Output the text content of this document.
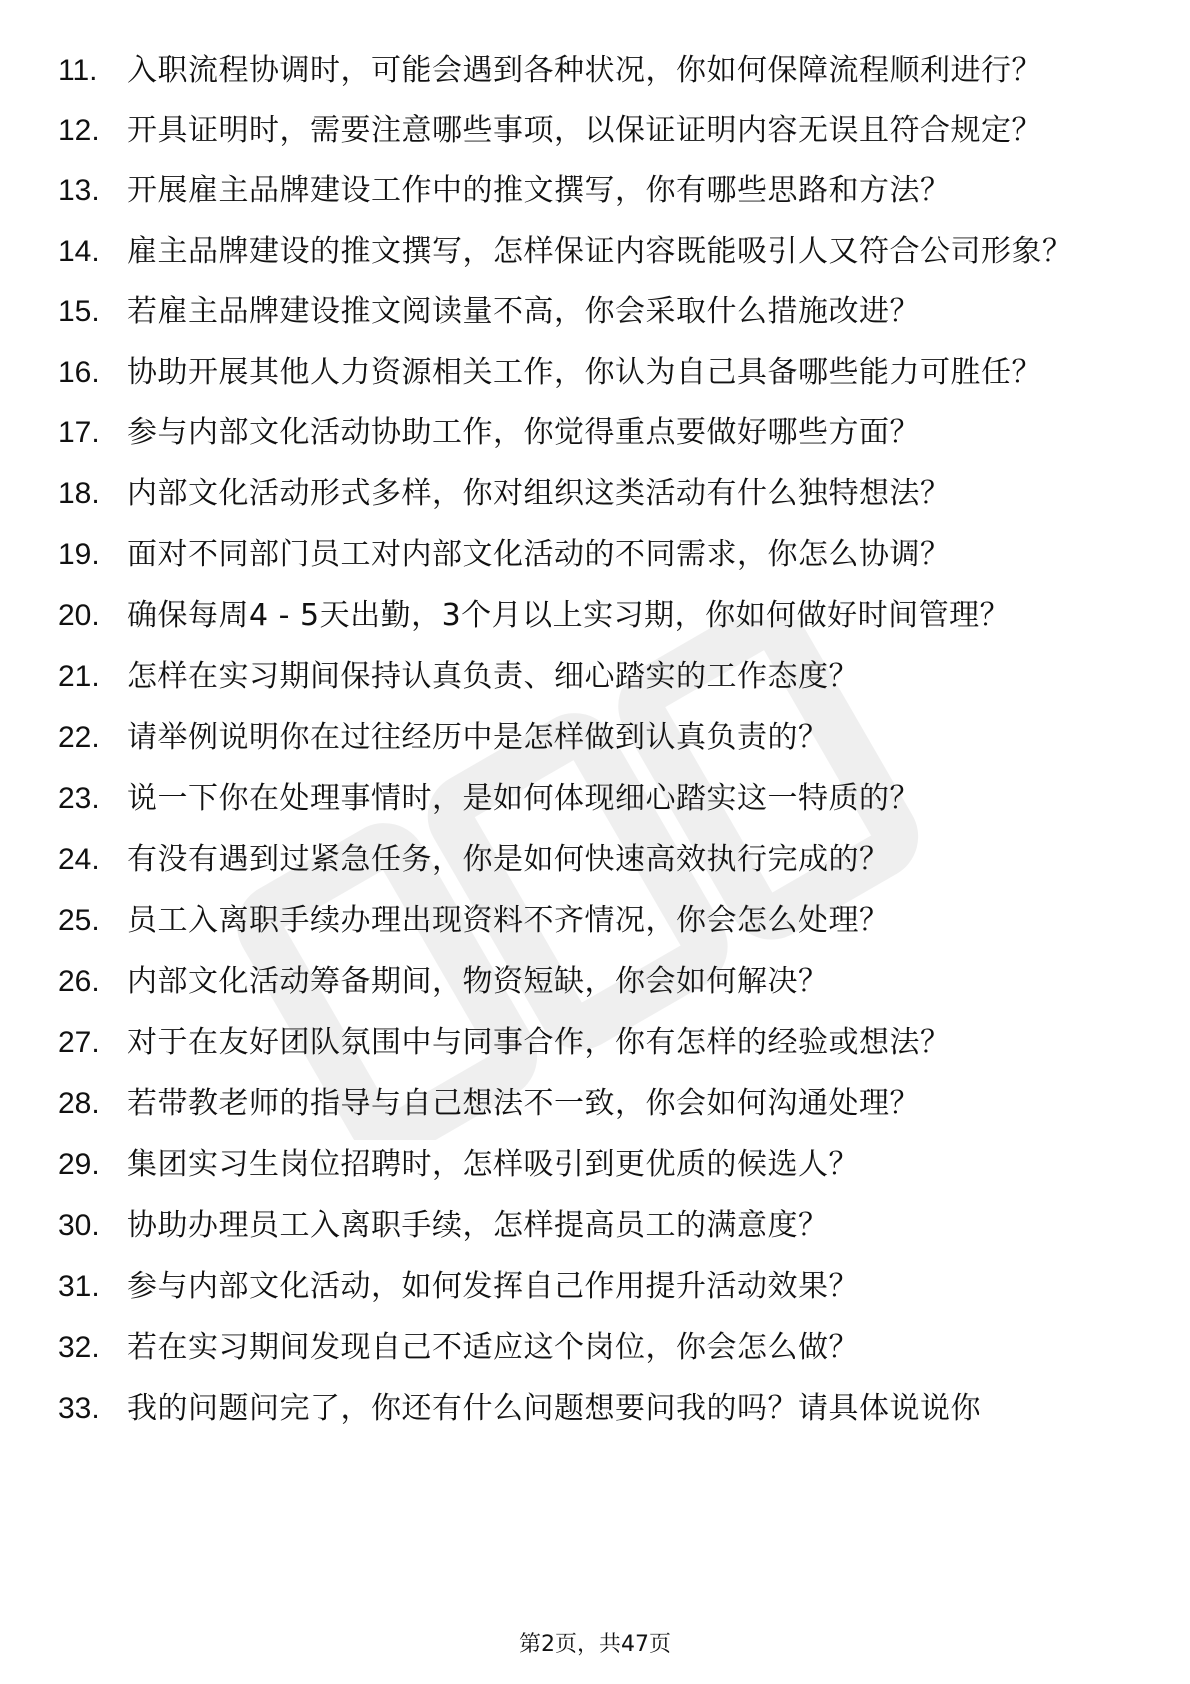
11. 入职流程协调时，可能会遇到各种状况，你如何保障流程顺利进行？
12. 开具证明时，需要注意哪些事项，以保证证明内容无误且符合规定？
13. 开展雇主品牌建设工作中的推文撰写，你有哪些思路和方法？
14. 雇主品牌建设的推文撰写，怎样保证内容既能吸引人又符合公司形象？
15. 若雇主品牌建设推文阅读量不高，你会采取什么措施改进？
16. 协助开展其他人力资源相关工作，你认为自己具备哪些能力可胜任？
17. 参与内部文化活动协助工作，你觉得重点要做好哪些方面？
18. 内部文化活动形式多样，你对组织这类活动有什么独特想法？
19. 面对不同部门员工对内部文化活动的不同需求，你怎么协调？
20. 确保每周4 - 5天出勤，3个月以上实习期，你如何做好时间管理？
21. 怎样在实习期间保持认真负责、细心踏实的工作态度？
22. 请举例说明你在过往经历中是怎样做到认真负责的？
23. 说一下你在处理事情时，是如何体现细心踏实这一特质的？
24. 有没有遇到过紧急任务，你是如何快速高效执行完成的？
25. 员工入离职手续办理出现资料不齐情况，你会怎么处理？
26. 内部文化活动筹备期间，物资短缺，你会如何解决？
27. 对于在友好团队氛围中与同事合作，你有怎样的经验或想法？
28. 若带教老师的指导与自己想法不一致，你会如何沟通处理？
29. 集团实习生岗位招聘时，怎样吸引到更优质的候选人？
30. 协助办理员工入离职手续，怎样提高员工的满意度？
31. 参与内部文化活动，如何发挥自己作用提升活动效果？
32. 若在实习期间发现自己不适应这个岗位，你会怎么做？
33. 我的问题问完了，你还有什么问题想要问我的吗？请具体说说你
第2页，共47页
